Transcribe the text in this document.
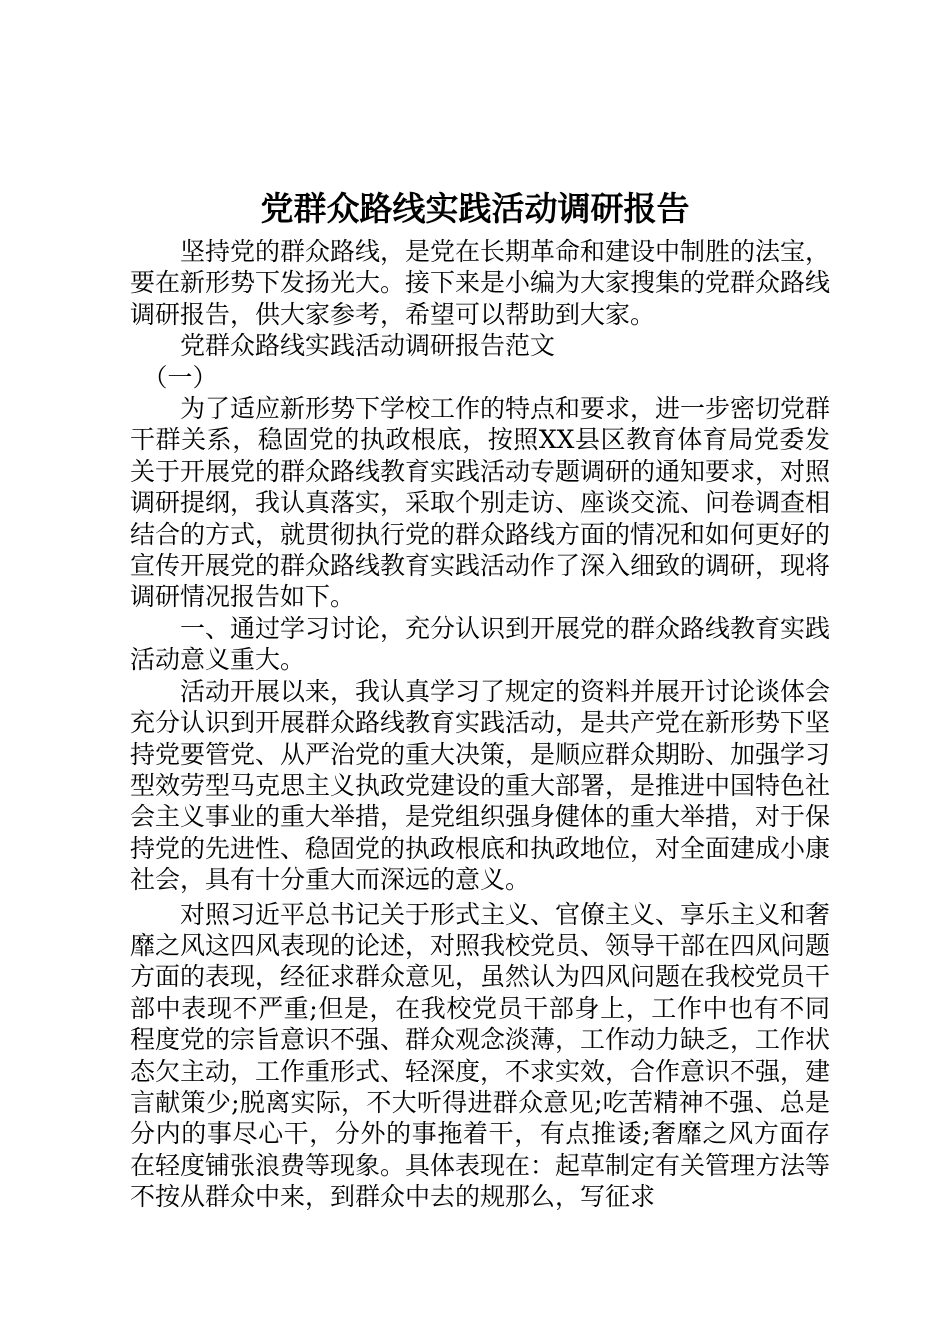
党群众路线实践活动调研报告

坚持党的群众路线，是党在长期革命和建设中制胜的法宝，要在新形势下发扬光大。接下来是小编为大家搜集的党群众路线调研报告，供大家参考，希望可以帮助到大家。

党群众路线实践活动调研报告范文

（一）

为了适应新形势下学校工作的特点和要求，进一步密切党群干群关系，稳固党的执政根底，按照XX县区教育体育局党委发关于开展党的群众路线教育实践活动专题调研的通知要求，对照调研提纲，我认真落实，采取个别走访、座谈交流、问卷调查相结合的方式，就贯彻执行党的群众路线方面的情况和如何更好的宣传开展党的群众路线教育实践活动作了深入细致的调研，现将调研情况报告如下。

一、通过学习讨论，充分认识到开展党的群众路线教育实践活动意义重大。

活动开展以来，我认真学习了规定的资料并展开讨论谈体会充分认识到开展群众路线教育实践活动，是共产党在新形势下坚持党要管党、从严治党的重大决策，是顺应群众期盼、加强学习型效劳型马克思主义执政党建设的重大部署，是推进中国特色社会主义事业的重大举措，是党组织强身健体的重大举措，对于保持党的先进性、稳固党的执政根底和执政地位，对全面建成小康社会，具有十分重大而深远的意义。

对照习近平总书记关于形式主义、官僚主义、享乐主义和奢靡之风这四风表现的论述，对照我校党员、领导干部在四风问题方面的表现，经征求群众意见，虽然认为四风问题在我校党员干部中表现不严重;但是，在我校党员干部身上，工作中也有不同程度党的宗旨意识不强、群众观念淡薄，工作动力缺乏，工作状态欠主动，工作重形式、轻深度，不求实效，合作意识不强，建言献策少;脱离实际，不大听得进群众意见;吃苦精神不强、总是分内的事尽心干，分外的事拖着干，有点推诿;奢靡之风方面存在轻度铺张浪费等现象。具体表现在：起草制定有关管理方法等不按从群众中来，到群众中去的规那么，写征求
